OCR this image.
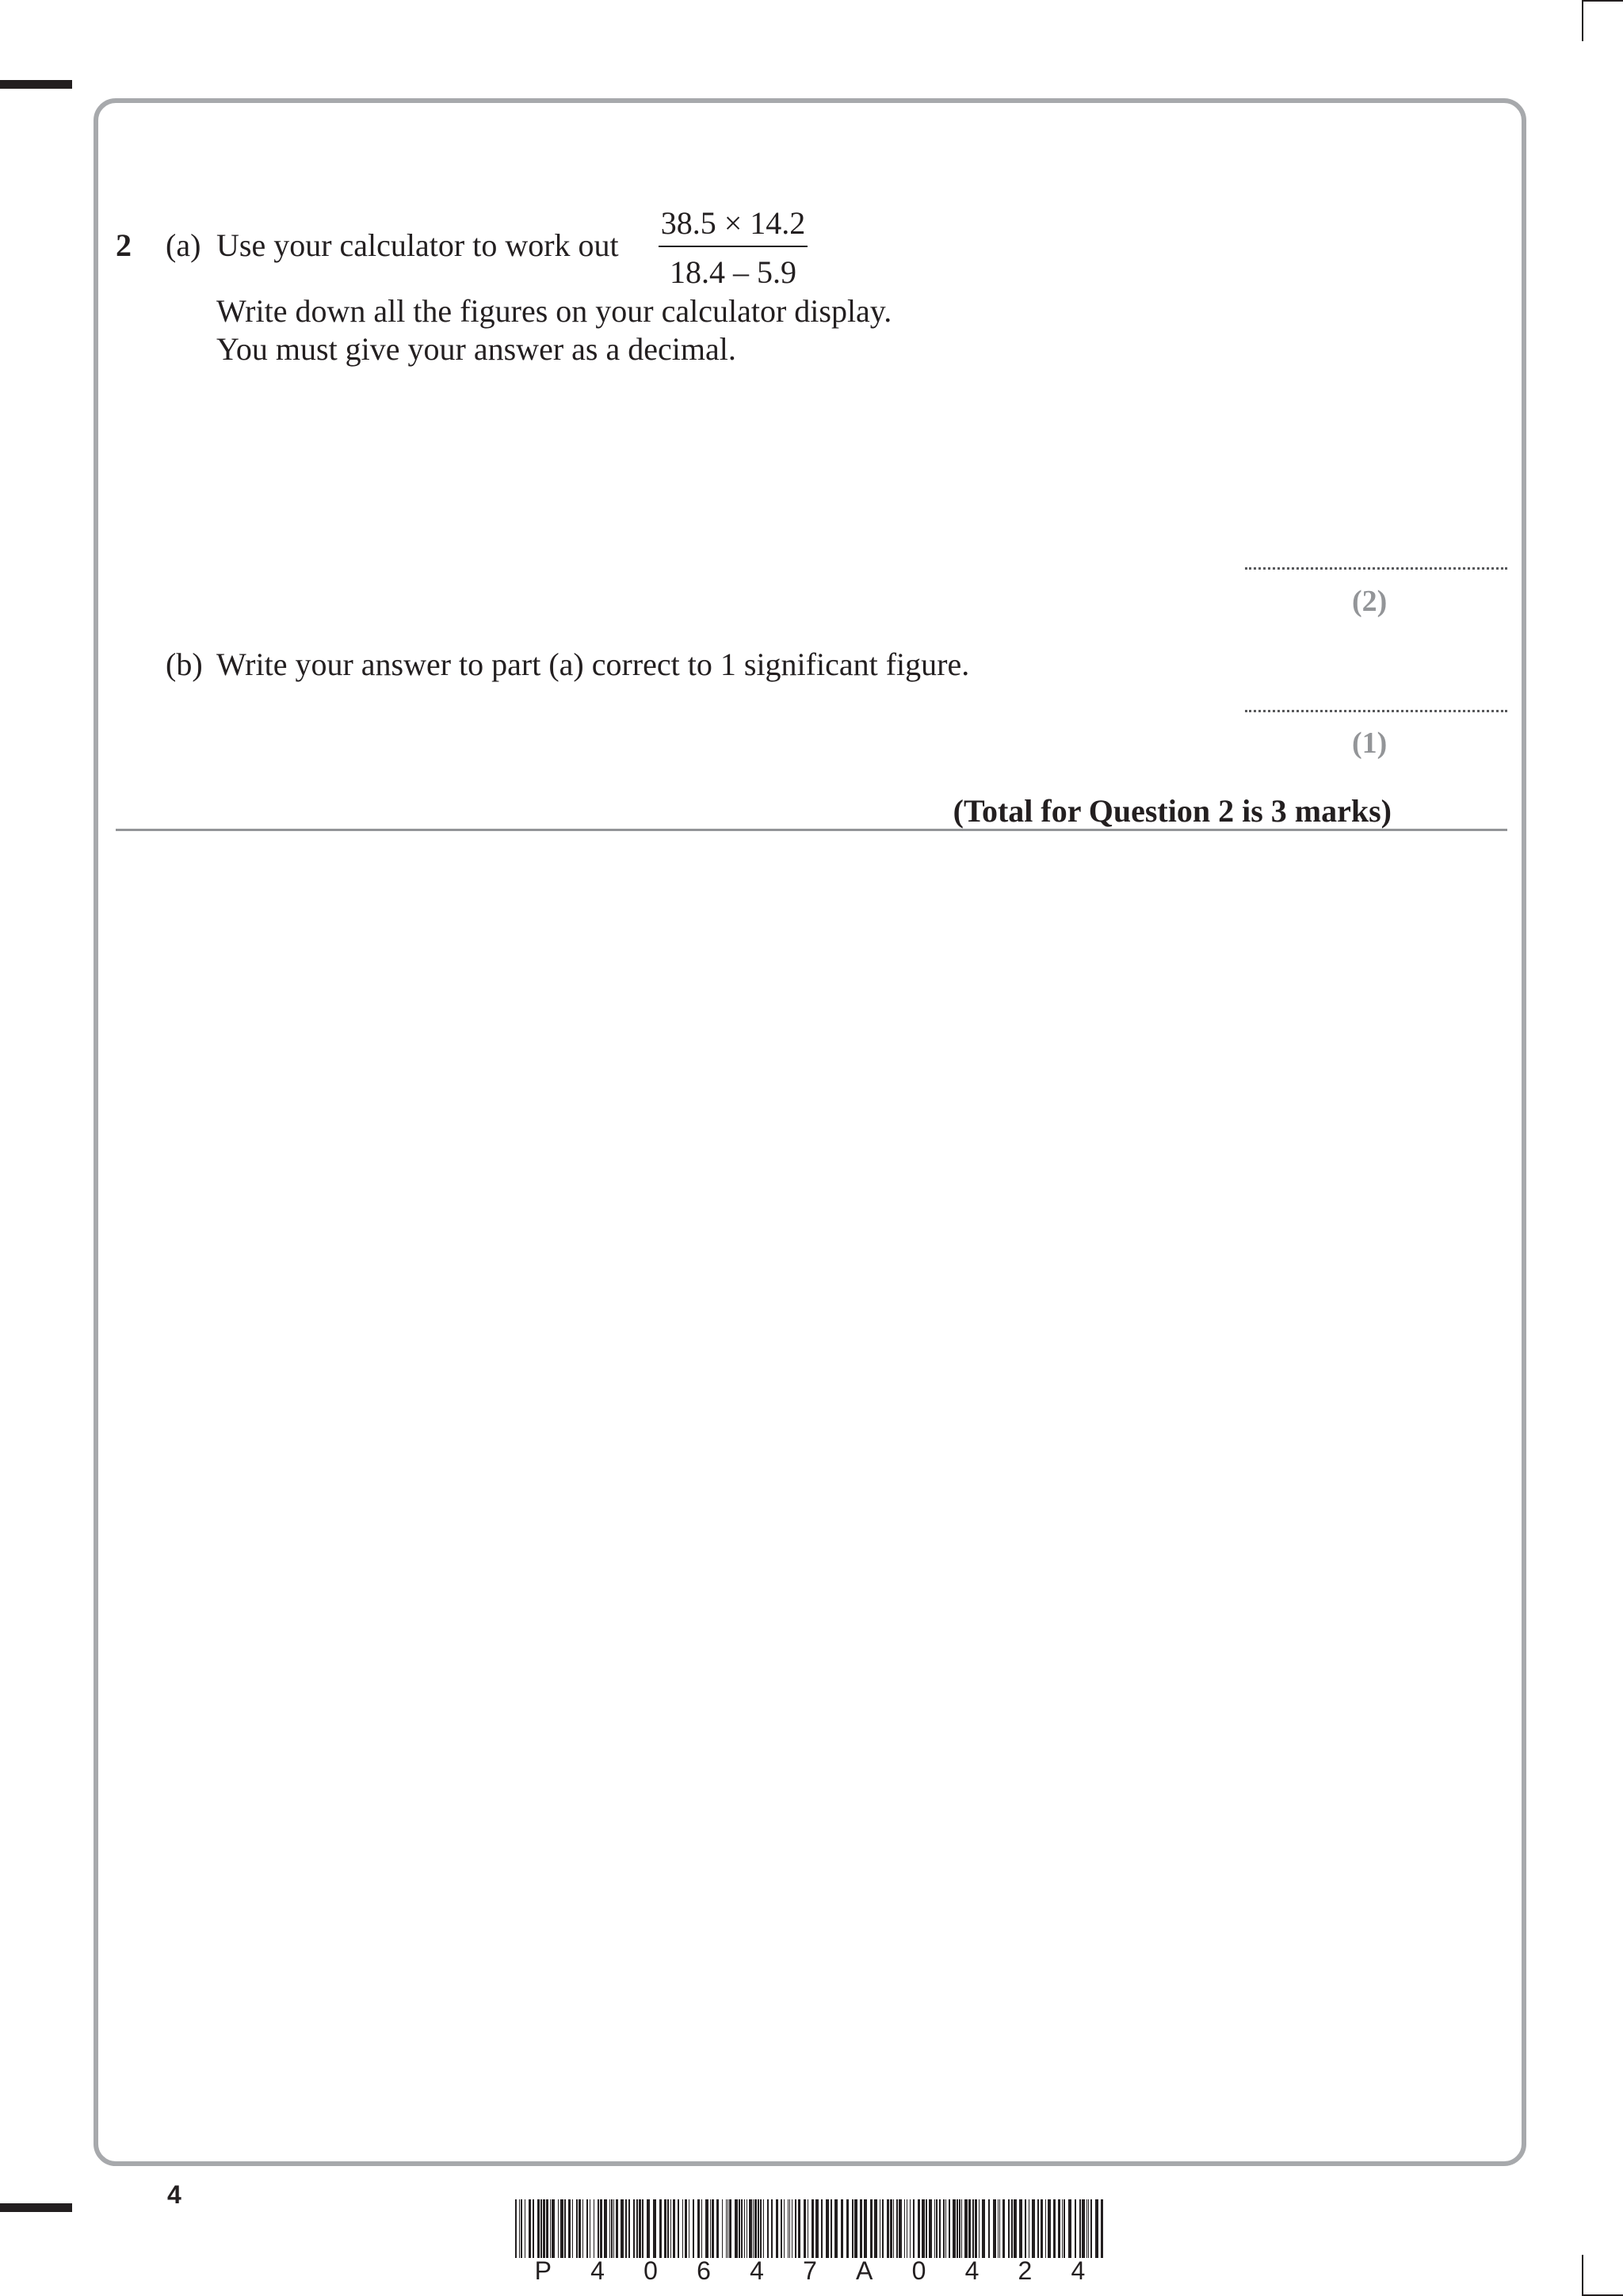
2 (a) Use your calculator to work out
38.5 × 14.2
18.4 – 5.9
Write down all the figures on your calculator display.
You must give your answer as a decimal.
(2)
(b) Write your answer to part (a) correct to 1 significant figure.
(1)
(Total for Question 2 is 3 marks)
4
P 4 0 6 4 7 A 0 4 2 4
